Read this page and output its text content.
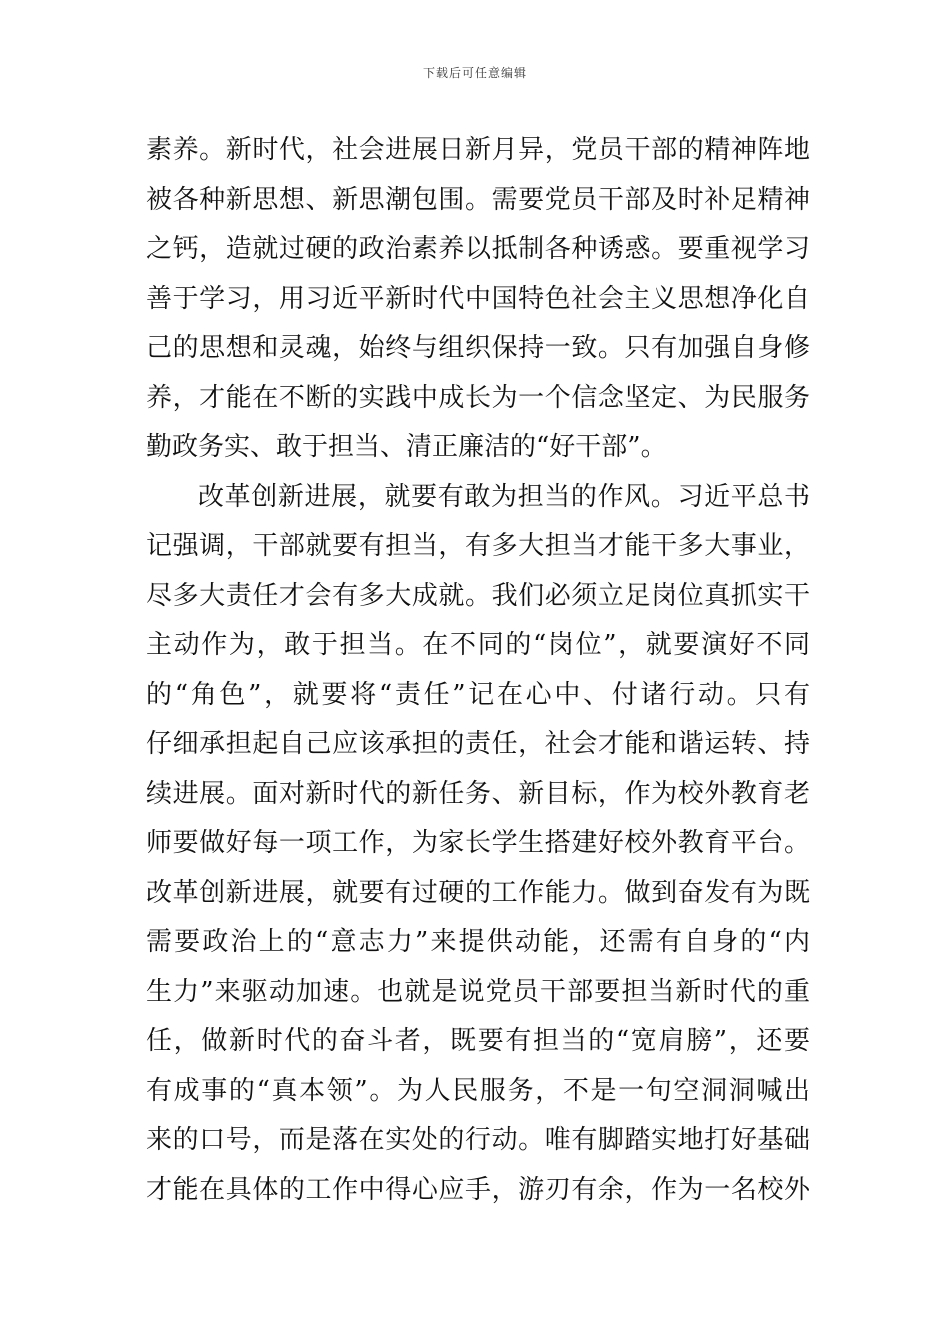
下载后可任意编辑
素养。新时代，社会进展日新月异，党员干部的精神阵地
被各种新思想、新思潮包围。需要党员干部及时补足精神
之钙，造就过硬的政治素养以抵制各种诱惑。要重视学习
善于学习，用习近平新时代中国特色社会主义思想净化自
己的思想和灵魂，始终与组织保持一致。只有加强自身修
养，才能在不断的实践中成长为一个信念坚定、为民服务
勤政务实、敢于担当、清正廉洁的“好干部”。
改革创新进展，就要有敢为担当的作风。习近平总书
记强调，干部就要有担当，有多大担当才能干多大事业，
尽多大责任才会有多大成就。我们必须立足岗位真抓实干
主动作为，敢于担当。在不同的“岗位”，就要演好不同
的“角色”，就要将“责任”记在心中、付诸行动。只有
仔细承担起自己应该承担的责任，社会才能和谐运转、持
续进展。面对新时代的新任务、新目标，作为校外教育老
师要做好每一项工作，为家长学生搭建好校外教育平台。
改革创新进展，就要有过硬的工作能力。做到奋发有为既
需要政治上的“意志力”来提供动能，还需有自身的“内
生力”来驱动加速。也就是说党员干部要担当新时代的重
任，做新时代的奋斗者，既要有担当的“宽肩膀”，还要
有成事的“真本领”。为人民服务，不是一句空洞洞喊出
来的口号，而是落在实处的行动。唯有脚踏实地打好基础
才能在具体的工作中得心应手，游刃有余，作为一名校外
